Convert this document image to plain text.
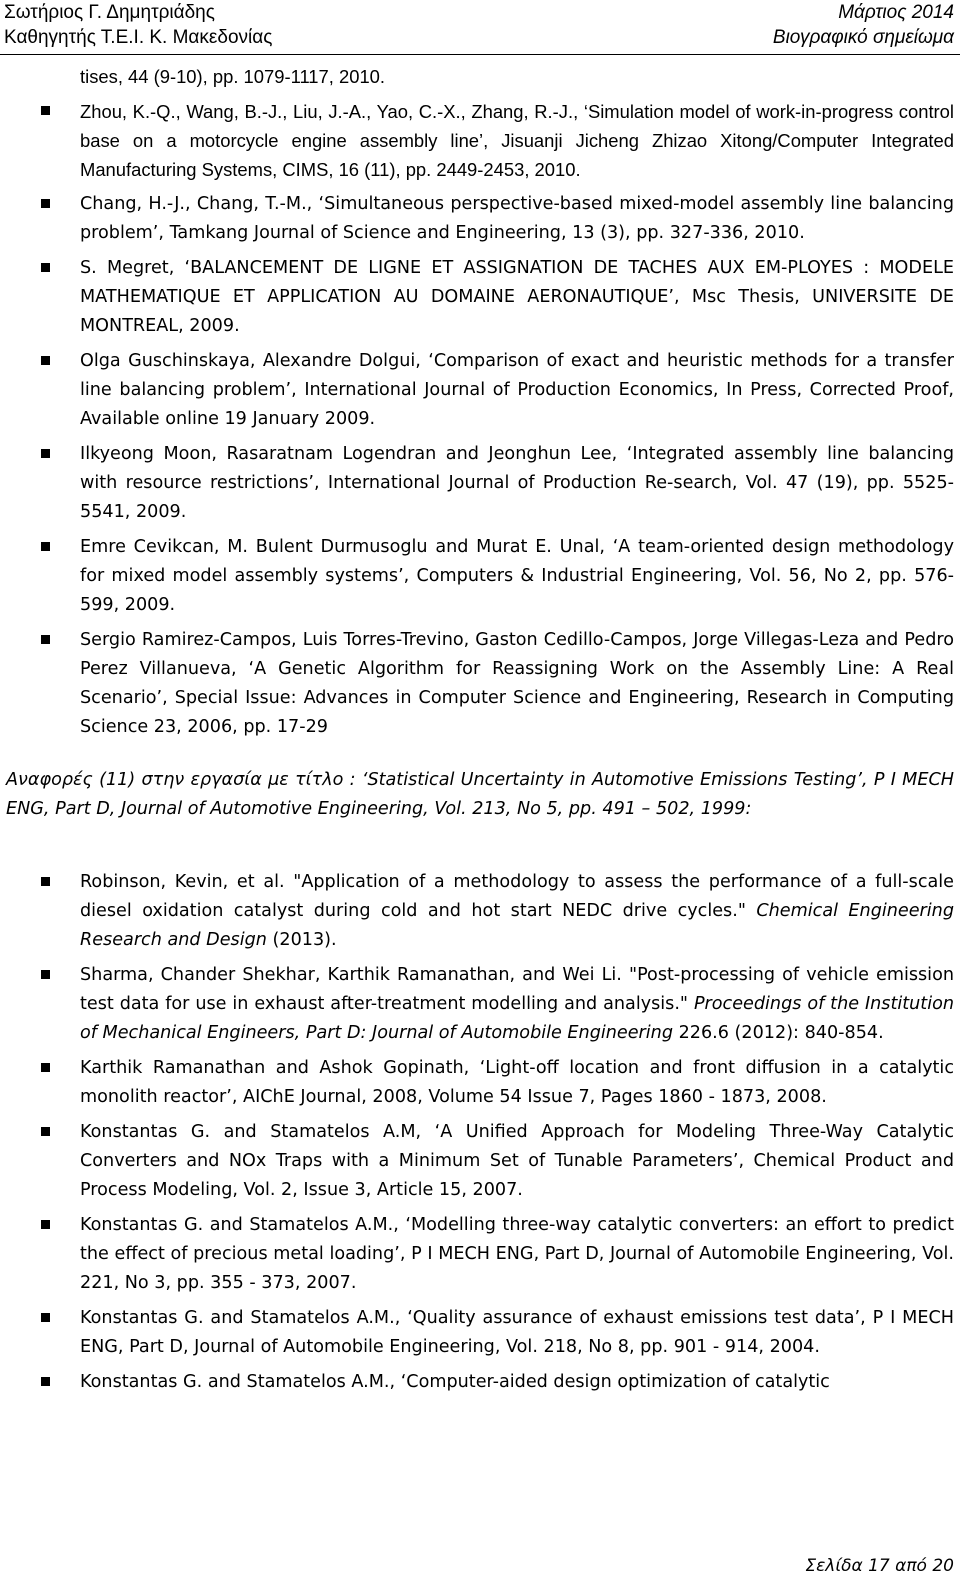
Σωτήριος Γ. Δημητριάδης
Καθηγητής Τ.Ε.Ι. Κ. Μακεδονίας
Μάρτιος 2014
Βιογραφικό σημείωμα
tises, 44 (9-10), pp. 1079-1117, 2010.
Zhou, K.-Q., Wang, B.-J., Liu, J.-A., Yao, C.-X., Zhang, R.-J., ‘Simulation model of work-in-progress control base on a motorcycle engine assembly line’, Jisuanji Jicheng Zhizao Xitong/Computer Integrated Manufacturing Systems, CIMS, 16 (11), pp. 2449-2453, 2010.
Chang, H.-J., Chang, T.-M., ‘Simultaneous perspective-based mixed-model assembly line balancing problem’, Tamkang Journal of Science and Engineering, 13 (3), pp. 327-336, 2010.
S. Megret, ‘BALANCEMENT DE LIGNE ET ASSIGNATION DE TACHES AUX EM-PLOYES : MODELE MATHEMATIQUE ET APPLICATION AU DOMAINE AERONAUTIQUE’, Msc Thesis, UNIVERSITE DE MONTREAL, 2009.
Olga Guschinskaya, Alexandre Dolgui, ‘Comparison of exact and heuristic methods for a transfer line balancing problem’, International Journal of Production Economics, In Press, Corrected Proof, Available online 19 January 2009.
Ilkyeong Moon, Rasaratnam Logendran and Jeonghun Lee, ‘Integrated assembly line balancing with resource restrictions’, International Journal of Production Re-search, Vol. 47 (19), pp. 5525-5541, 2009.
Emre Cevikcan, M. Bulent Durmusoglu and Murat E. Unal, ‘A team-oriented design methodology for mixed model assembly systems’, Computers & Industrial Engineering, Vol. 56, No 2, pp. 576-599, 2009.
Sergio Ramirez-Campos, Luis Torres-Trevino, Gaston Cedillo-Campos, Jorge Villegas-Leza and Pedro Perez Villanueva, ‘A Genetic Algorithm for Reassigning Work on the Assembly Line: A Real Scenario’, Special Issue: Advances in Computer Science and Engineering, Research in Computing Science 23, 2006, pp. 17-29
Αναφορές (11) στην εργασία με τίτλο : ‘Statistical Uncertainty in Automotive Emissions Testing’, P I MECH ENG, Part D, Journal of Automotive Engineering, Vol. 213, No 5, pp. 491 – 502, 1999:
Robinson, Kevin, et al. "Application of a methodology to assess the performance of a full-scale diesel oxidation catalyst during cold and hot start NEDC drive cycles." Chemical Engineering Research and Design (2013).
Sharma, Chander Shekhar, Karthik Ramanathan, and Wei Li. "Post-processing of vehicle emission test data for use in exhaust after-treatment modelling and analysis." Proceedings of the Institution of Mechanical Engineers, Part D: Journal of Automobile Engineering 226.6 (2012): 840-854.
Karthik Ramanathan and Ashok Gopinath, ‘Light-off location and front diffusion in a catalytic monolith reactor’, AIChE Journal, 2008, Volume 54 Issue 7, Pages 1860 - 1873, 2008.
Konstantas G. and Stamatelos A.M, ‘A Unified Approach for Modeling Three-Way Catalytic Converters and NOx Traps with a Minimum Set of Tunable Parameters’, Chemical Product and Process Modeling, Vol. 2, Issue 3, Article 15, 2007.
Konstantas G. and Stamatelos A.M., ‘Modelling three-way catalytic converters: an effort to predict the effect of precious metal loading’, P I MECH ENG, Part D, Journal of Automobile Engineering, Vol. 221, No 3, pp. 355 - 373, 2007.
Konstantas G. and Stamatelos A.M., ‘Quality assurance of exhaust emissions test data’, P I MECH ENG, Part D, Journal of Automobile Engineering, Vol. 218, No 8, pp. 901 - 914, 2004.
Konstantas G. and Stamatelos A.M., ‘Computer-aided design optimization of catalytic
Σελίδα 17 από 20
